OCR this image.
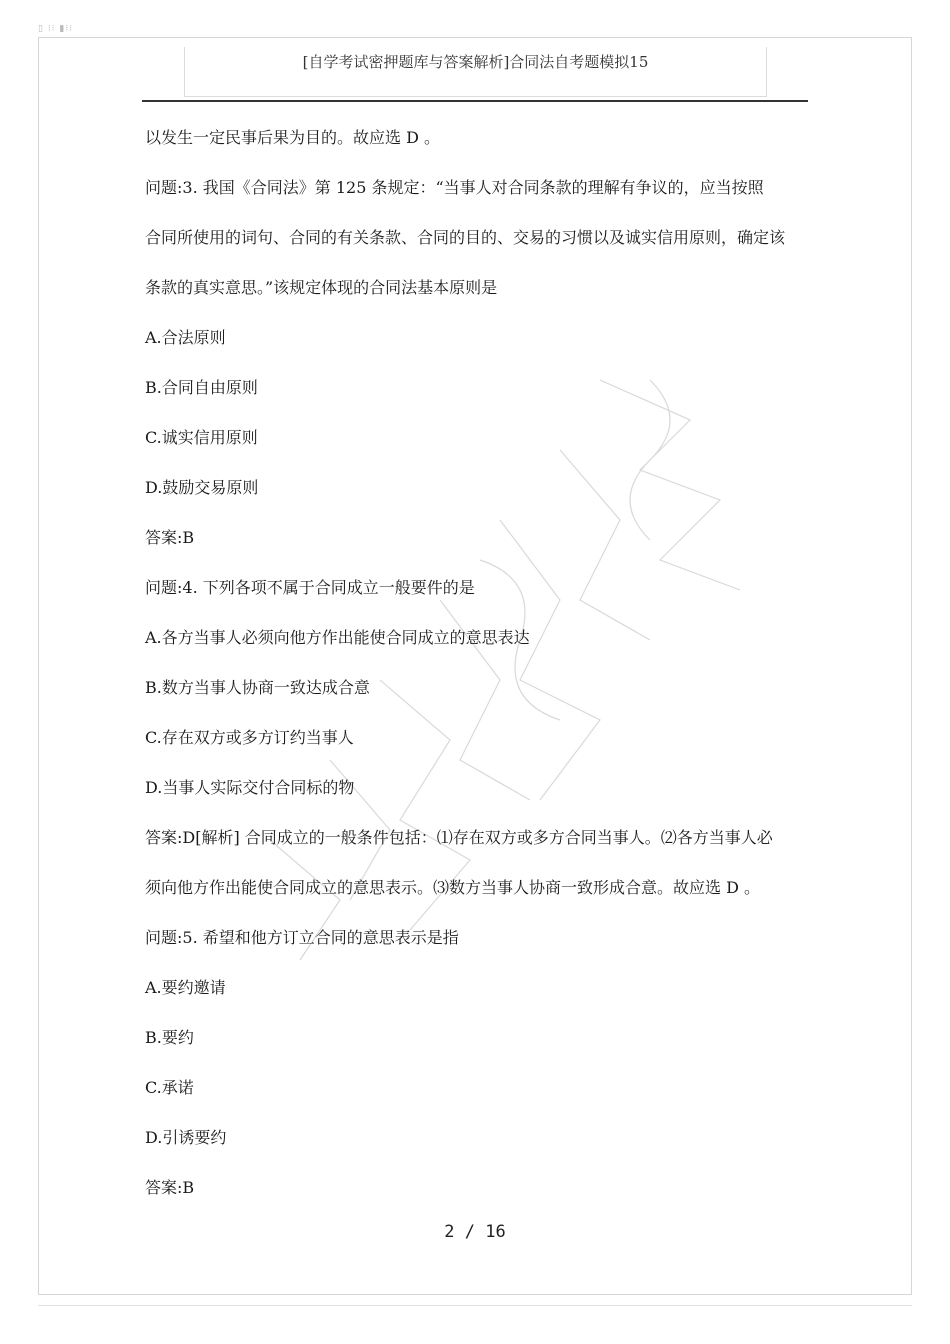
▯ ⁝⁝ ▮⁝⁝
[自学考试密押题库与答案解析]合同法自考题模拟15
以发生一定民事后果为目的。故应选 D 。
问题:3. 我国《合同法》第 125 条规定：“当事人对合同条款的理解有争议的，应当按照
合同所使用的词句、合同的有关条款、合同的目的、交易的习惯以及诚实信用原则，确定该
条款的真实意思。”该规定体现的合同法基本原则是
A.合法原则
B.合同自由原则
C.诚实信用原则
D.鼓励交易原则
答案:B
问题:4. 下列各项不属于合同成立一般要件的是
A.各方当事人必须向他方作出能使合同成立的意思表达
B.数方当事人协商一致达成合意
C.存在双方或多方订约当事人
D.当事人实际交付合同标的物
答案:D[解析] 合同成立的一般条件包括：⑴存在双方或多方合同当事人。⑵各方当事人必
须向他方作出能使合同成立的意思表示。⑶数方当事人协商一致形成合意。故应选 D 。
问题:5. 希望和他方订立合同的意思表示是指
A.要约邀请
B.要约
C.承诺
D.引诱要约
答案:B
2 / 16
